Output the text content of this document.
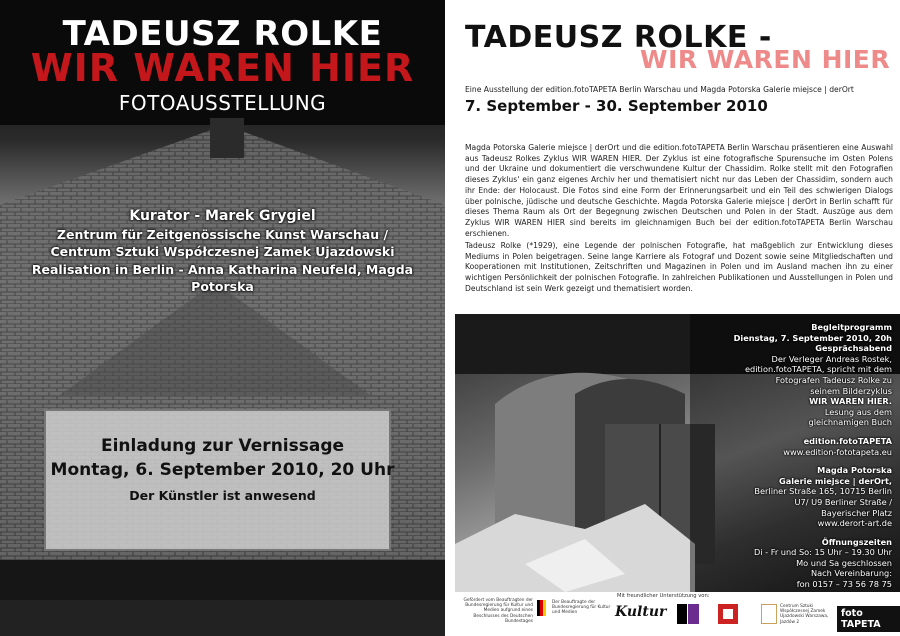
TADEUSZ ROLKE
WIR WAREN HIER
FOTOAUSSTELLUNG
Kurator - Marek Grygiel
Zentrum für Zeitgenössische Kunst Warschau /
Centrum Sztuki Współczesnej Zamek Ujazdowski
Realisation in Berlin - Anna Katharina Neufeld, Magda Potorska
Einladung zur Vernissage
Montag, 6. September 2010, 20 Uhr
Der Künstler ist anwesend
TADEUSZ ROLKE -
WIR WAREN HIER
Eine Ausstellung der edition.fotoTAPETA Berlin Warschau und Magda Potorska Galerie miejsce | derOrt
7. September - 30. September 2010

Magda Potorska Galerie miejsce | derOrt und die edition.fotoTAPETA Berlin Warschau präsentieren eine Auswahl aus Tadeusz Rolkes Zyklus WIR WAREN HIER. Der Zyklus ist eine fotografische Spurensuche im Osten Polens und der Ukraine und dokumentiert die verschwundene Kultur der Chassidim. Rolke stellt mit den Fotografien dieses Zyklus' ein ganz eigenes Archiv her und thematisiert nicht nur das Leben der Chassidim, sondern auch ihr Ende: der Holocaust. Die Fotos sind eine Form der Erinnerungsarbeit und ein Teil des schwierigen Dialogs über polnische, jüdische und deutsche Geschichte. Magda Potorska Galerie miejsce | derOrt in Berlin schafft für dieses Thema Raum als Ort der Begegnung zwischen Deutschen und Polen in der Stadt. Auszüge aus dem Zyklus WIR WAREN HIER sind bereits im gleichnamigen Buch bei der edition.fotoTAPETA Berlin Warschau erschienen.

Tadeusz Rolke (*1929), eine Legende der polnischen Fotografie, hat maßgeblich zur Entwicklung dieses Mediums in Polen beigetragen. Seine lange Karriere als Fotograf und Dozent sowie seine Mitgliedschaften und Kooperationen mit Institutionen, Zeitschriften und Magazinen in Polen und im Ausland machen ihn zu einer wichtigen Persönlichkeit der polnischen Fotografie. In zahlreichen Publikationen und Ausstellungen in Polen und Deutschland ist sein Werk gezeigt und thematisiert worden.

Begleitprogramm
Dienstag, 7. September 2010, 20h
Gesprächsabend
Der Verleger Andreas Rostek,
edition.fotoTAPETA, spricht mit dem
Fotografen Tadeusz Rolke zu
seinem Bilderzyklus
WIR WAREN HIER.
Lesung aus dem
gleichnamigen Buch
edition.fotoTAPETA
www.edition-fototapeta.eu
Magda Potorska
Galerie miejsce | derOrt,
Berliner Straße 165, 10715 Berlin
U7/ U9 Berliner Straße /
Bayerischer Platz
www.derort-art.de
Öffnungszeiten
Di - Fr und So: 15 Uhr – 19.30 Uhr
Mo und Sa geschlossen
Nach Vereinbarung:
fon 0157 – 73 56 78 75
Gefördert vom Beauftragten der Bundesregierung für Kultur und Medien aufgrund eines Beschlusses des Deutschen Bundestages
Der Beauftragte der Bundesregierung für Kultur und Medien
Mit freundlicher Unterstützung von:
Kultur	Centrum Sztuki Współczesnej Zamek Ujazdowski Warszawa, Jazdów 2
foto TAPETA
